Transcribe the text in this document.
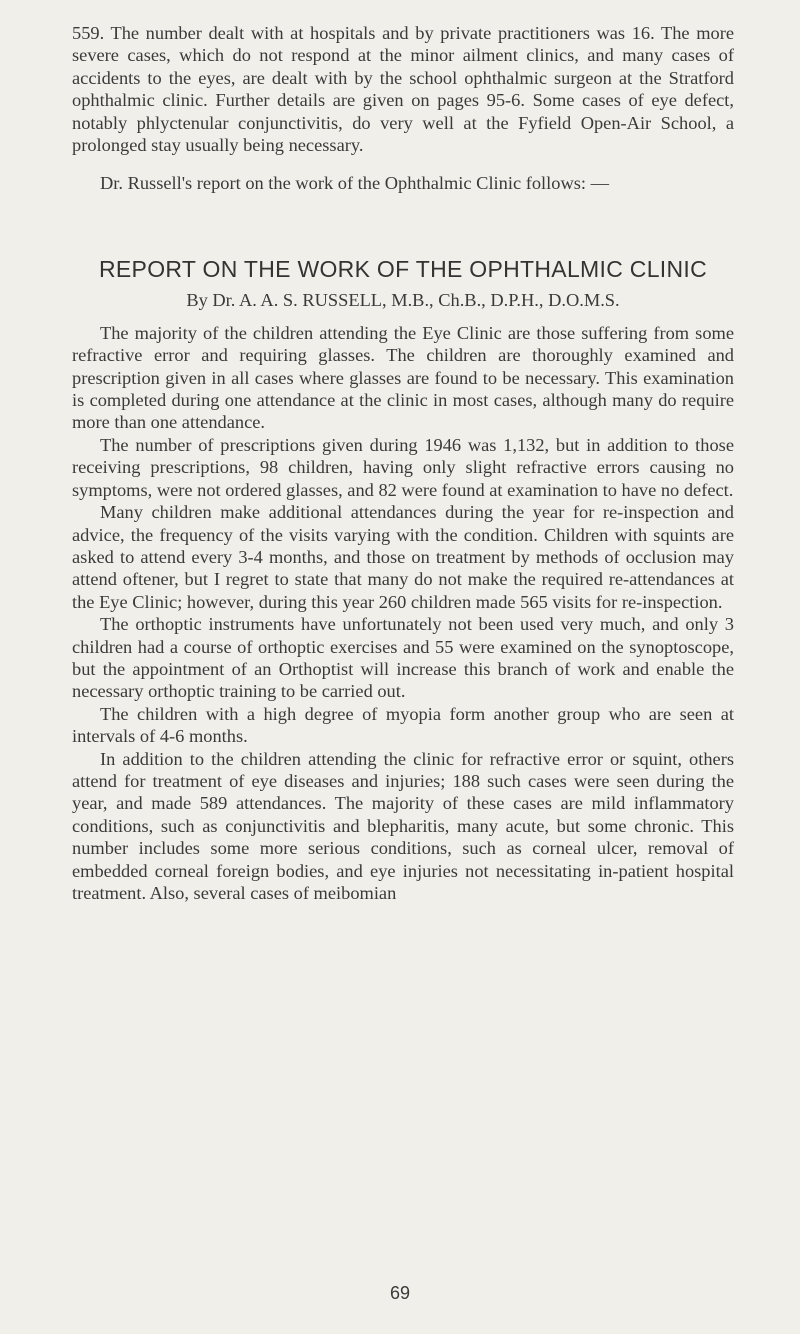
559. The number dealt with at hospitals and by private practitioners was 16. The more severe cases, which do not respond at the minor ailment clinics, and many cases of accidents to the eyes, are dealt with by the school ophthalmic surgeon at the Stratford ophthalmic clinic. Further details are given on pages 95-6. Some cases of eye defect, notably phlyctenular conjunctivitis, do very well at the Fyfield Open-Air School, a prolonged stay usually being necessary.

Dr. Russell's report on the work of the Ophthalmic Clinic follows: —

REPORT ON THE WORK OF THE OPHTHALMIC CLINIC
By Dr. A. A. S. RUSSELL, M.B., Ch.B., D.P.H., D.O.M.S.

The majority of the children attending the Eye Clinic are those suffering from some refractive error and requiring glasses. The children are thoroughly examined and prescription given in all cases where glasses are found to be necessary. This examination is completed during one attendance at the clinic in most cases, although many do require more than one attendance.

The number of prescriptions given during 1946 was 1,132, but in addition to those receiving prescriptions, 98 children, having only slight refractive errors causing no symptoms, were not ordered glasses, and 82 were found at examination to have no defect.

Many children make additional attendances during the year for re-inspection and advice, the frequency of the visits varying with the condition. Children with squints are asked to attend every 3-4 months, and those on treatment by methods of occlusion may attend oftener, but I regret to state that many do not make the required re-attendances at the Eye Clinic; however, during this year 260 children made 565 visits for re-inspection.

The orthoptic instruments have unfortunately not been used very much, and only 3 children had a course of orthoptic exercises and 55 were examined on the synoptoscope, but the appointment of an Orthoptist will increase this branch of work and enable the necessary orthoptic training to be carried out.

The children with a high degree of myopia form another group who are seen at intervals of 4-6 months.

In addition to the children attending the clinic for refractive error or squint, others attend for treatment of eye diseases and injuries; 188 such cases were seen during the year, and made 589 attendances. The majority of these cases are mild inflammatory conditions, such as conjunctivitis and blepharitis, many acute, but some chronic. This number includes some more serious conditions, such as corneal ulcer, removal of embedded corneal foreign bodies, and eye injuries not necessitating in-patient hospital treatment. Also, several cases of meibomian

69
